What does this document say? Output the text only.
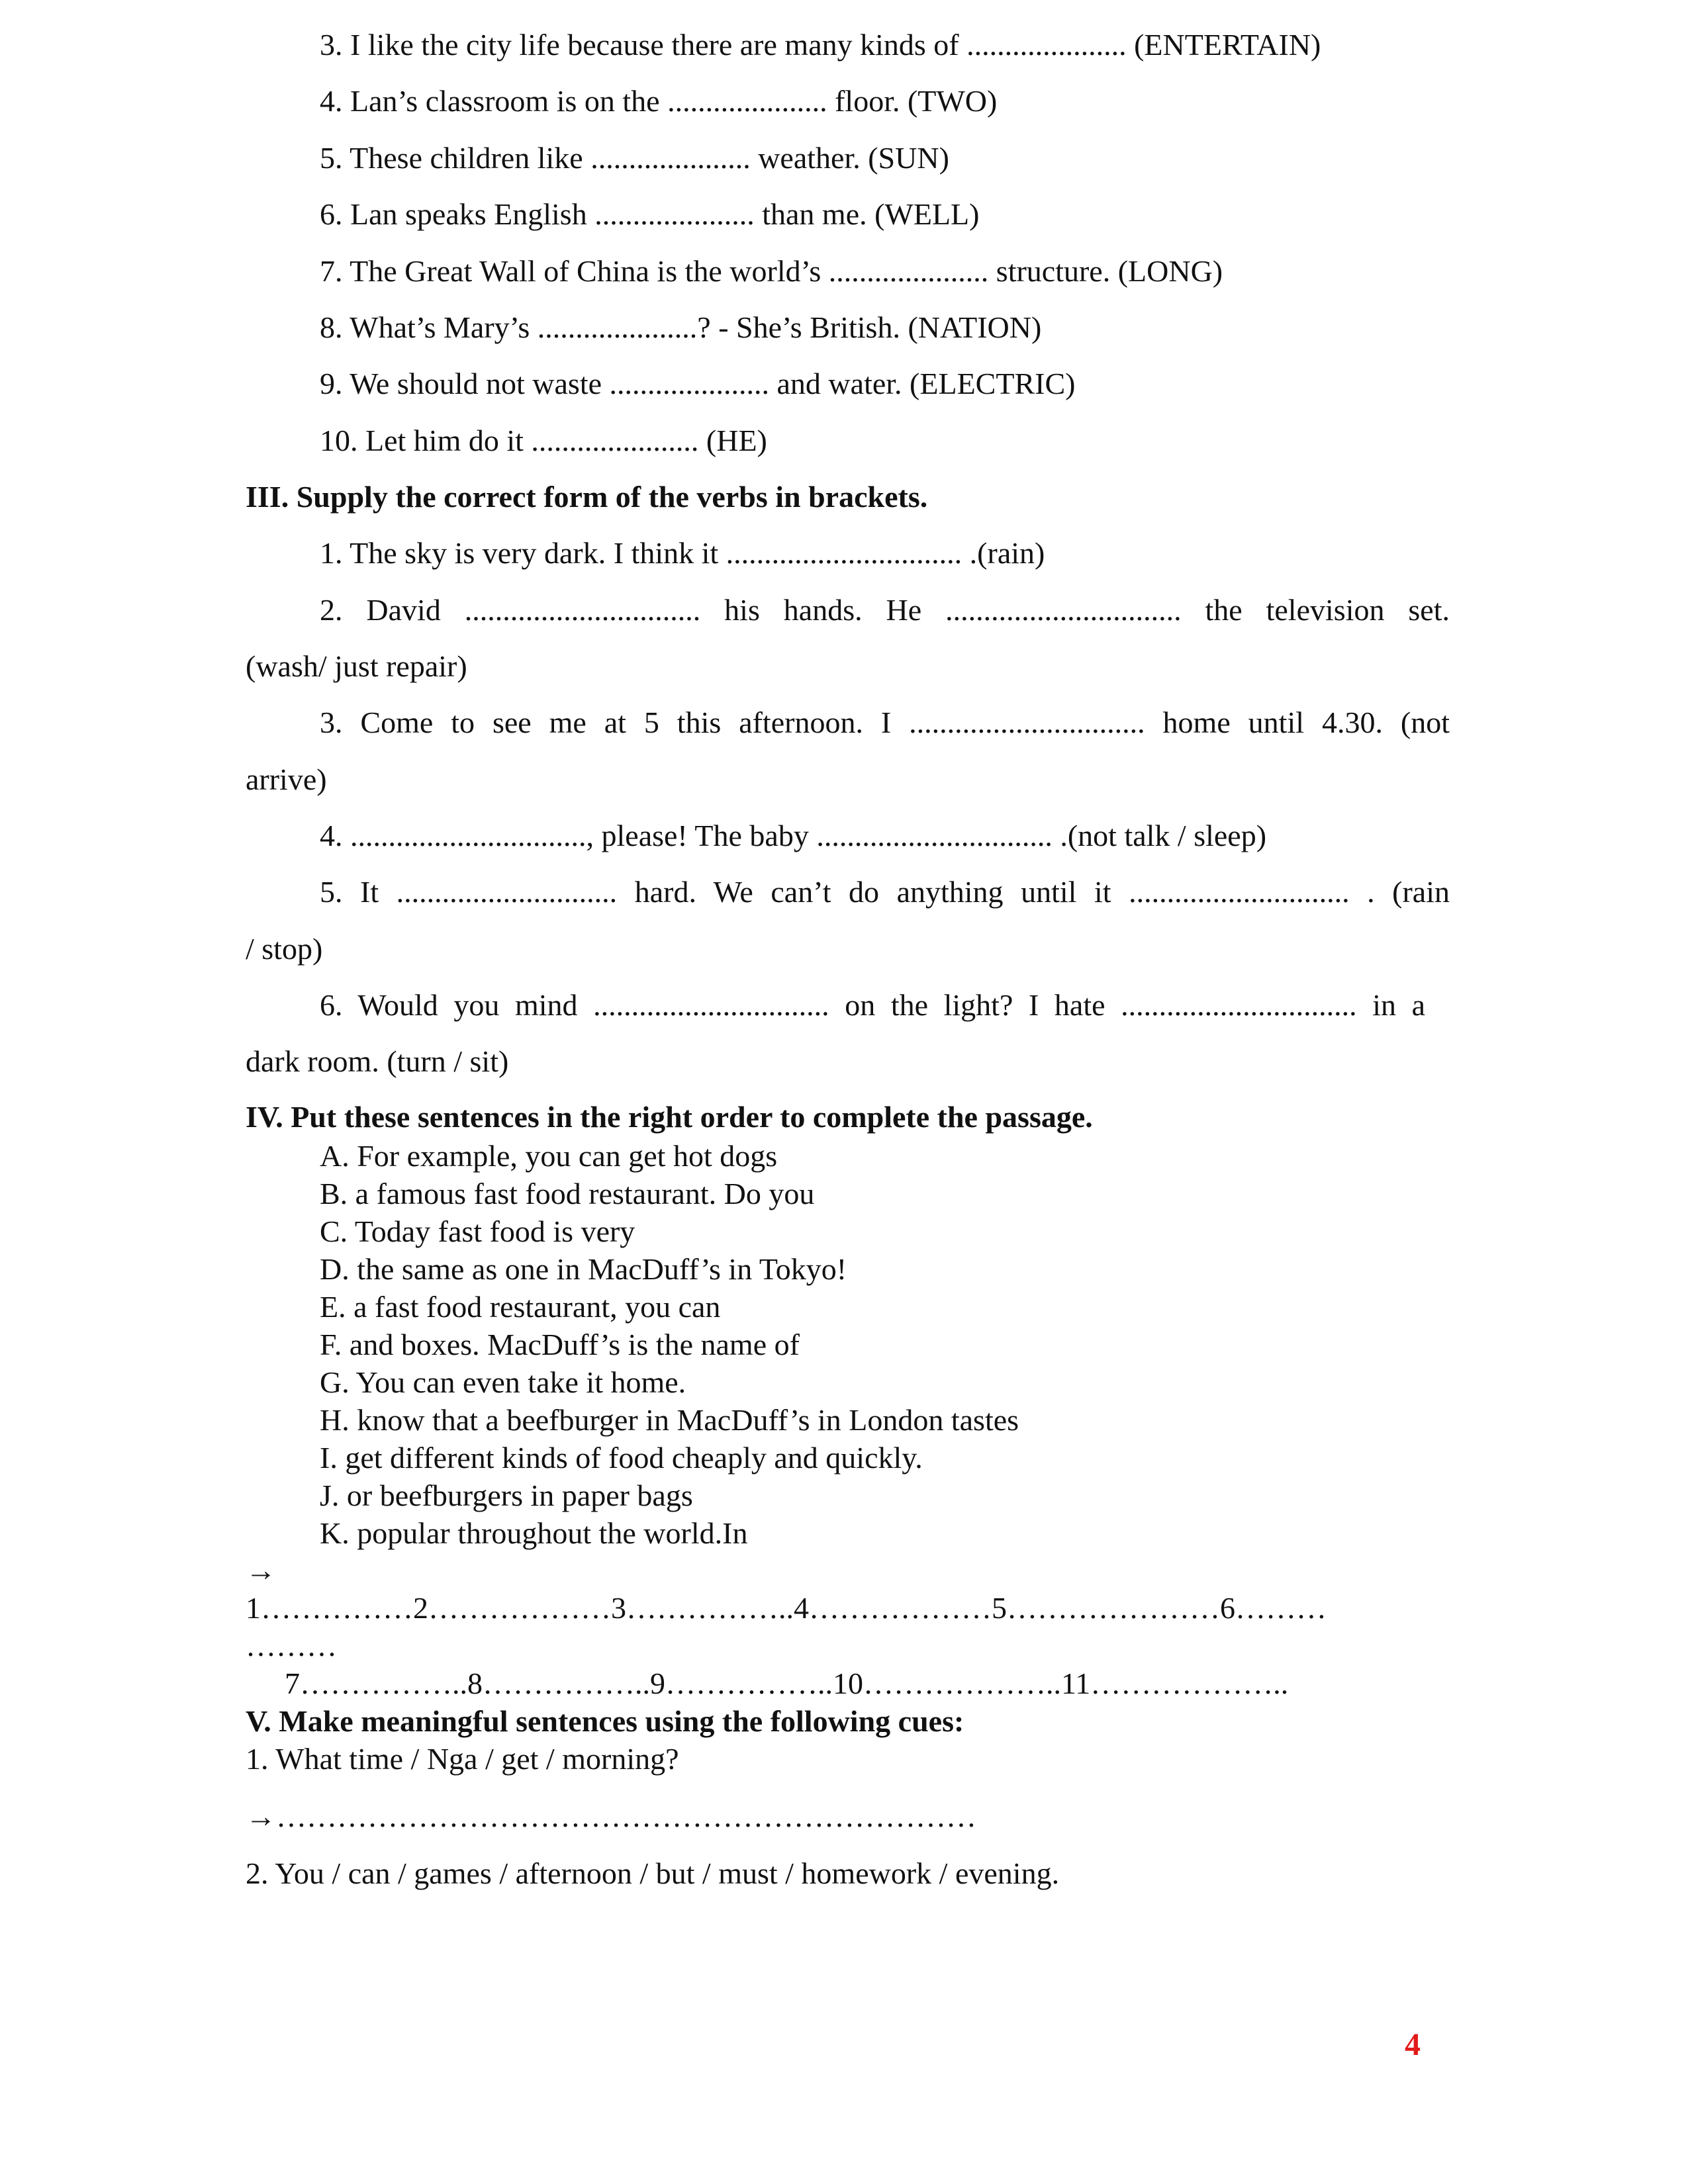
3. I like the city life because there are many kinds of ..................... (ENTERTAIN)
4. Lan’s classroom is on the ..................... floor. (TWO)
5. These children like ..................... weather. (SUN)
6. Lan speaks English ..................... than me. (WELL)
7. The Great Wall of China is the world’s ..................... structure. (LONG)
8. What’s Mary’s .....................? - She’s British. (NATION)
9. We should not waste ..................... and water. (ELECTRIC)
10. Let him do it ...................... (HE)
III. Supply the correct form of the verbs in brackets.
1. The sky is very dark. I think it ............................... .(rain)
2. David ............................... his hands. He ............................... the television set.
(wash/ just repair)
3. Come to see me at 5 this afternoon. I ............................... home until 4.30. (not
arrive)
4. ..............................., please! The baby ............................... .(not talk / sleep)
5. It ............................. hard. We can’t do anything until it ............................. . (rain
/ stop)
6. Would you mind ............................... on the light? I hate ............................... in a
dark room. (turn / sit)
IV. Put these sentences in the right order to complete the passage.
A. For example, you can get hot dogs
B. a famous fast food restaurant. Do you
C. Today fast food is very
D. the same as one in MacDuff’s in Tokyo!
E. a fast food restaurant, you can
F. and boxes. MacDuff’s is the name of
G. You can even take it home.
H. know that a beefburger in MacDuff’s in London tastes
I. get different kinds of food cheaply and quickly.
J. or beefburgers in paper bags
K. popular throughout the world.In
→
1……………2………………3……………..4………………5…………………6………
………
7……………..8……………..9……………..10………………..11………………..
V. Make meaningful sentences using the following cues:
1. What time / Nga / get / morning?
→……………………………………………………………
2. You / can / games / afternoon / but / must / homework / evening.
4
